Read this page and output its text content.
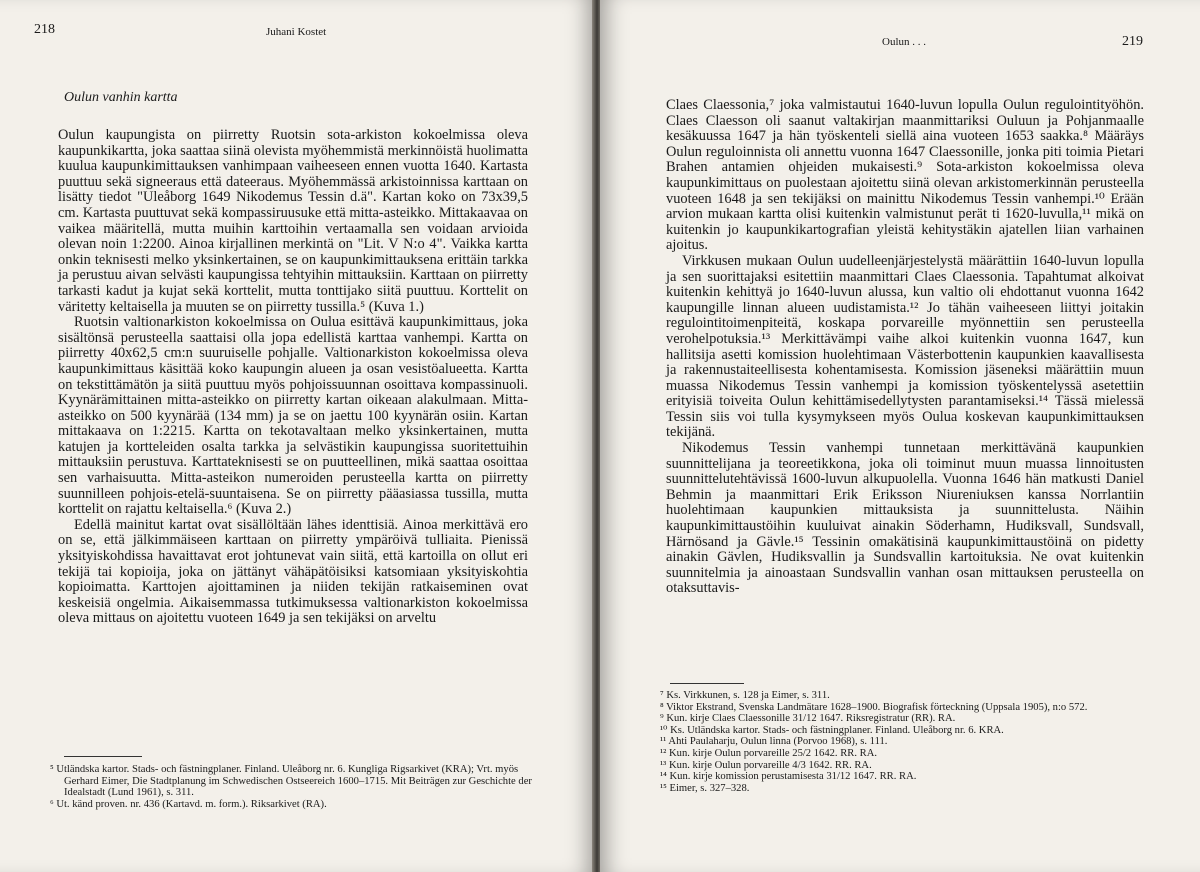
218	Juhani Kostet
Oulun vanhin kartta

Oulun kaupungista on piirretty Ruotsin sota-arkiston kokoelmissa oleva kaupunkikartta, joka saattaa siinä olevista myöhemmistä merkinnöistä huolimatta kuulua kaupunkimittauksen vanhimpaan vaiheeseen ennen vuotta 1640. Kartasta puuttuu sekä signeeraus että dateeraus. Myöhemmässä arkistoinnissa karttaan on lisätty tiedot "Uleåborg 1649 Nikodemus Tessin d.ä". Kartan koko on 73x39,5 cm. Kartasta puuttuvat sekä kompassiruusuke että mitta-asteikko. Mittakaavaa on vaikea määritellä, mutta muihin karttoihin vertaamalla sen voidaan arvioida olevan noin 1:2200. Ainoa kirjallinen merkintä on "Lit. V N:o 4". Vaikka kartta onkin teknisesti melko yksinkertainen, se on kaupunkimittauksena erittäin tarkka ja perustuu aivan selvästi kaupungissa tehtyihin mittauksiin. Karttaan on piirretty tarkasti kadut ja kujat sekä korttelit, mutta tonttijako siitä puuttuu. Korttelit on väritetty keltaisella ja muuten se on piirretty tussilla.⁵ (Kuva 1.)

Ruotsin valtionarkiston kokoelmissa on Oulua esittävä kaupunkimittaus, joka sisältönsä perusteella saattaisi olla jopa edellistä karttaa vanhempi. Kartta on piirretty 40x62,5 cm:n suuruiselle pohjalle. Valtionarkiston kokoelmissa oleva kaupunkimittaus käsittää koko kaupungin alueen ja osan vesistöalueetta. Kartta on tekstittämätön ja siitä puuttuu myös pohjoissuunnan osoittava kompassinuoli. Kyynärämittainen mitta-asteikko on piirretty kartan oikeaan alakulmaan. Mitta-asteikko on 500 kyynärää (134 mm) ja se on jaettu 100 kyynärän osiin. Kartan mittakaava on 1:2215. Kartta on tekotavaltaan melko yksinkertainen, mutta katujen ja kortteleiden osalta tarkka ja selvästikin kaupungissa suoritettuihin mittauksiin perustuva. Karttateknisesti se on puutteellinen, mikä saattaa osoittaa sen varhaisuutta. Mitta-asteikon numeroiden perusteella kartta on piirretty suunnilleen pohjois-etelä-suuntaisena. Se on piirretty pääasiassa tussilla, mutta korttelit on rajattu keltaisella.⁶ (Kuva 2.)

Edellä mainitut kartat ovat sisällöltään lähes identtisiä. Ainoa merkittävä ero on se, että jälkimmäiseen karttaan on piirretty ympäröivä tulliaita. Pienissä yksityiskohdissa havaittavat erot johtunevat vain siitä, että kartoilla on ollut eri tekijä tai kopioija, joka on jättänyt vähäpätöisiksi katsomiaan yksityiskohtia kopioimatta. Karttojen ajoittaminen ja niiden tekijän ratkaiseminen ovat keskeisiä ongelmia. Aikaisemmassa tutkimuksessa valtionarkiston kokoelmissa oleva mittaus on ajoitettu vuoteen 1649 ja sen tekijäksi on arveltu

⁵ Utländska kartor. Stads- och fästningplaner. Finland. Uleåborg nr. 6. Kungliga Rigsarkivet (KRA); Vrt. myös Gerhard Eimer, Die Stadtplanung im Schwedischen Ostseereich 1600–1715. Mit Beiträgen zur Geschichte der Idealstadt (Lund 1961), s. 311.

⁶ Ut. känd proven. nr. 436 (Kartavd. m. form.). Riksarkivet (RA).

Oulun . . .	219

Claes Claessonia,⁷ joka valmistautui 1640-luvun lopulla Oulun regulointityöhön. Claes Claesson oli saanut valtakirjan maanmittariksi Ouluun ja Pohjanmaalle kesäkuussa 1647 ja hän työskenteli siellä aina vuoteen 1653 saakka.⁸ Määräys Oulun reguloinnista oli annettu vuonna 1647 Claessonille, jonka piti toimia Pietari Brahen antamien ohjeiden mukaisesti.⁹ Sota-arkiston kokoelmissa oleva kaupunkimittaus on puolestaan ajoitettu siinä olevan arkistomerkinnän perusteella vuoteen 1648 ja sen tekijäksi on mainittu Nikodemus Tessin vanhempi.¹⁰ Erään arvion mukaan kartta olisi kuitenkin valmistunut perät ti 1620-luvulla,¹¹ mikä on kuitenkin jo kaupunkikartografian yleistä kehitystäkin ajatellen liian varhainen ajoitus.

Virkkusen mukaan Oulun uudelleenjärjestelystä määrättiin 1640-luvun lopulla ja sen suorittajaksi esitettiin maanmittari Claes Claessonia. Tapahtumat alkoivat kuitenkin kehittyä jo 1640-luvun alussa, kun valtio oli ehdottanut vuonna 1642 kaupungille linnan alueen uudistamista.¹² Jo tähän vaiheeseen liittyi joitakin regulointitoimenpiteitä, koskapa porvareille myönnettiin sen perusteella verohelpotuksia.¹³ Merkittävämpi vaihe alkoi kuitenkin vuonna 1647, kun hallitsija asetti komission huolehtimaan Västerbottenin kaupunkien kaavallisesta ja rakennustaiteellisesta kohentamisesta. Komission jäseneksi määrättiin muun muassa Nikodemus Tessin vanhempi ja komission työskentelyssä asetettiin erityisiä toiveita Oulun kehittämisedellytysten parantamiseksi.¹⁴ Tässä mielessä Tessin siis voi tulla kysymykseen myös Oulua koskevan kaupunkimittauksen tekijänä.

Nikodemus Tessin vanhempi tunnetaan merkittävänä kaupunkien suunnittelijana ja teoreetikkona, joka oli toiminut muun muassa linnoitusten suunnittelutehtävissä 1600-luvun alkupuolella. Vuonna 1646 hän matkusti Daniel Behmin ja maanmittari Erik Eriksson Niureniuksen kanssa Norrlantiin huolehtimaan kaupunkien mittauksista ja suunnittelusta. Näihin kaupunkimittaustöihin kuuluivat ainakin Söderhamn, Hudiksvall, Sundsvall, Härnösand ja Gävle.¹⁵ Tessinin omakätisinä kaupunkimittaustöinä on pidetty ainakin Gävlen, Hudiksvallin ja Sundsvallin kartoituksia. Ne ovat kuitenkin suunnitelmia ja ainoastaan Sundsvallin vanhan osan mittauksen perusteella on otaksuttavis-

⁷ Ks. Virkkunen, s. 128 ja Eimer, s. 311.

⁸ Viktor Ekstrand, Svenska Landmätare 1628–1900. Biografisk förteckning (Uppsala 1905), n:o 572.

⁹ Kun. kirje Claes Claessonille 31/12 1647. Riksregistratur (RR). RA.

¹⁰ Ks. Utländska kartor. Stads- och fästningplaner. Finland. Uleåborg nr. 6. KRA.

¹¹ Ahti Paulaharju, Oulun linna (Porvoo 1968), s. 111.

¹² Kun. kirje Oulun porvareille 25/2 1642. RR. RA.

¹³ Kun. kirje Oulun porvareille 4/3 1642. RR. RA.

¹⁴ Kun. kirje komission perustamisesta 31/12 1647. RR. RA.

¹⁵ Eimer, s. 327–328.
